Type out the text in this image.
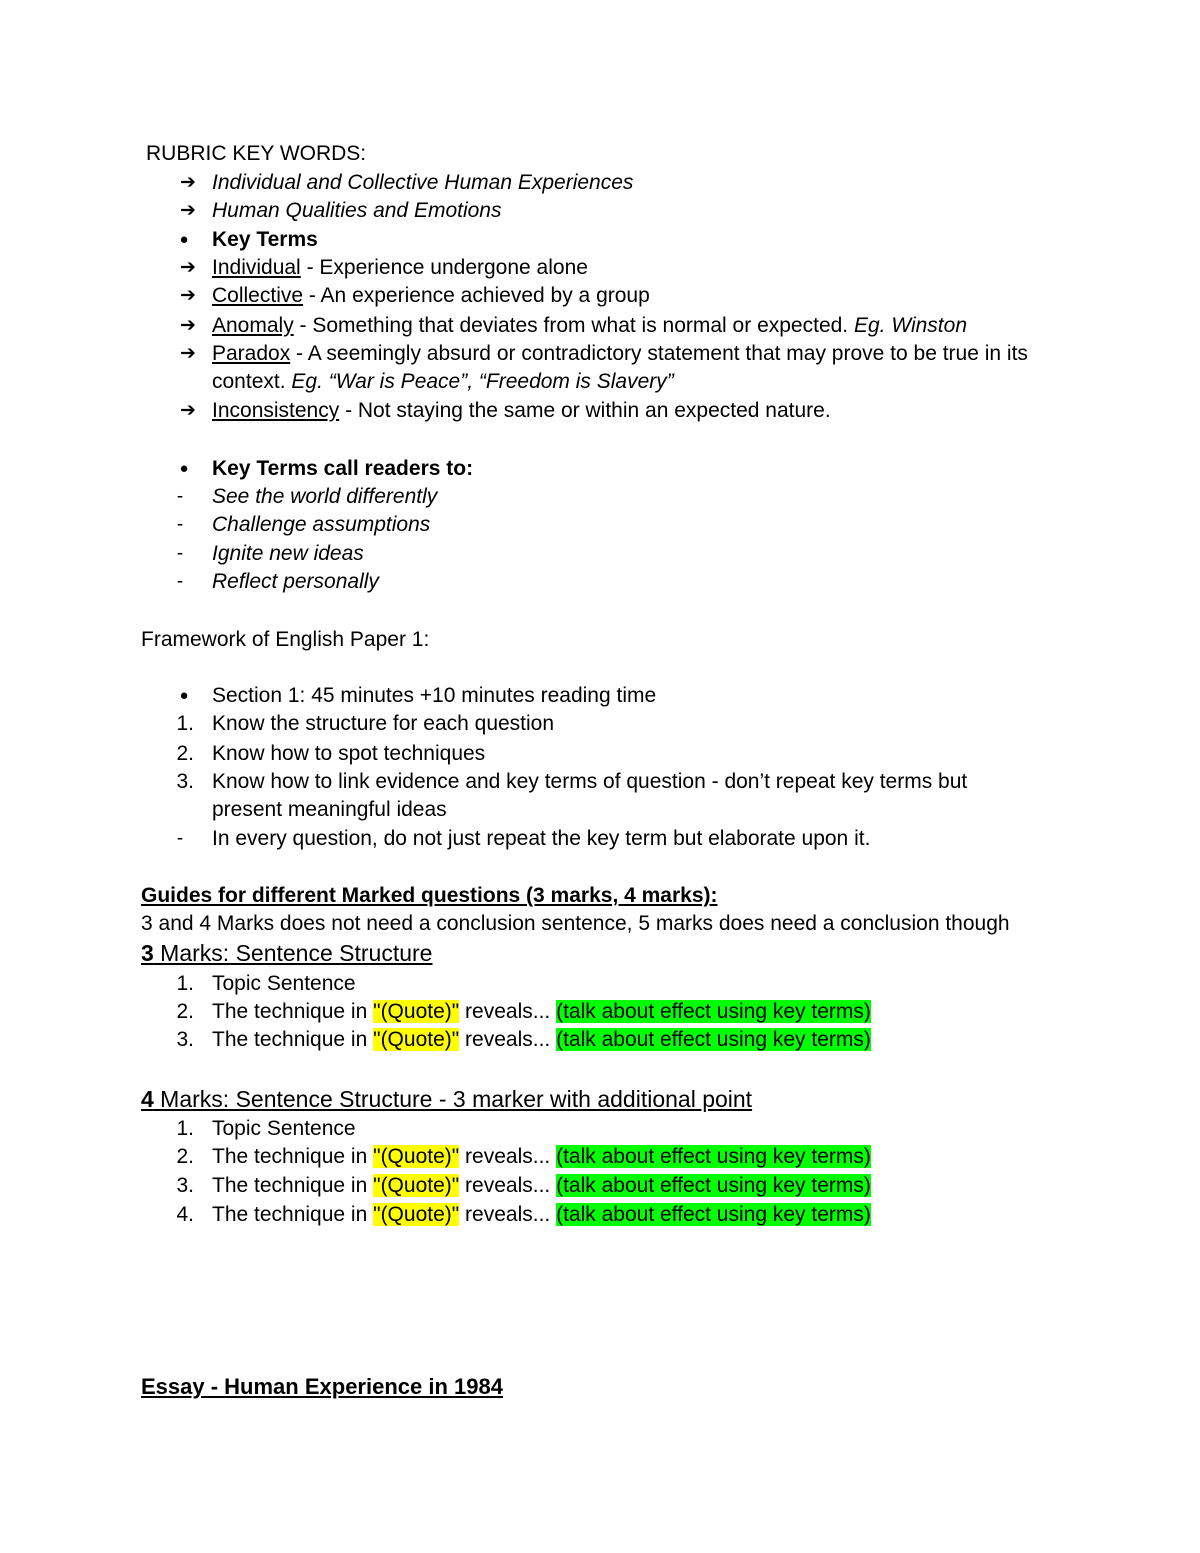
RUBRIC KEY WORDS:
➔ Individual and Collective Human Experiences
➔ Human Qualities and Emotions
●	Key Terms
➔ Individual - Experience undergone alone
➔ Collective - An experience achieved by a group
➔ Anomaly - Something that deviates from what is normal or expected. Eg. Winston
➔ Paradox - A seemingly absurd or contradictory statement that may prove to be true in its
context. Eg. “War is Peace”, “Freedom is Slavery”
➔ Inconsistency - Not staying the same or within an expected nature.
●	Key Terms call readers to:
-	See the world differently
-	Challenge assumptions
-	Ignite new ideas
-	Reflect personally
Framework of English Paper 1:
●	Section 1: 45 minutes +10 minutes reading time
1. Know the structure for each question
2. Know how to spot techniques
3. Know how to link evidence and key terms of question - don’t repeat key terms but
present meaningful ideas
-	In every question, do not just repeat the key term but elaborate upon it.
Guides for different Marked questions (3 marks, 4 marks):
3 and 4 Marks does not need a conclusion sentence, 5 marks does need a conclusion though
3 Marks: Sentence Structure
1. Topic Sentence
2. The technique in "(Quote)" reveals... (talk about effect using key terms)
3. The technique in "(Quote)" reveals... (talk about effect using key terms)
4 Marks: Sentence Structure - 3 marker with additional point
1. Topic Sentence
2. The technique in "(Quote)" reveals... (talk about effect using key terms)
3. The technique in "(Quote)" reveals... (talk about effect using key terms)
4. The technique in "(Quote)" reveals... (talk about effect using key terms)
Essay - Human Experience in 1984
